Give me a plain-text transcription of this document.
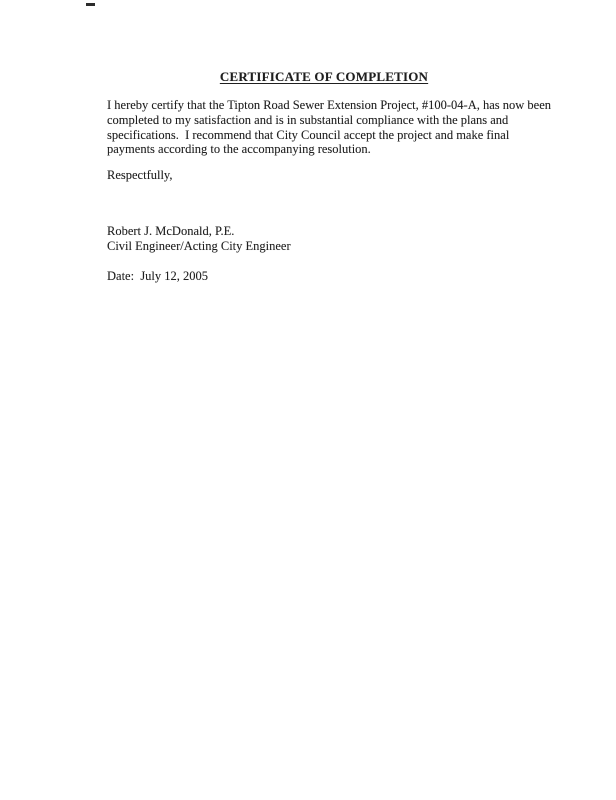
CERTIFICATE OF COMPLETION
I hereby certify that the Tipton Road Sewer Extension Project, #100-04-A, has now been
completed to my satisfaction and is in substantial compliance with the plans and
specifications.  I recommend that City Council accept the project and make final
payments according to the accompanying resolution.
Respectfully,
Robert J. McDonald, P.E.
Civil Engineer/Acting City Engineer
Date:  July 12, 2005
